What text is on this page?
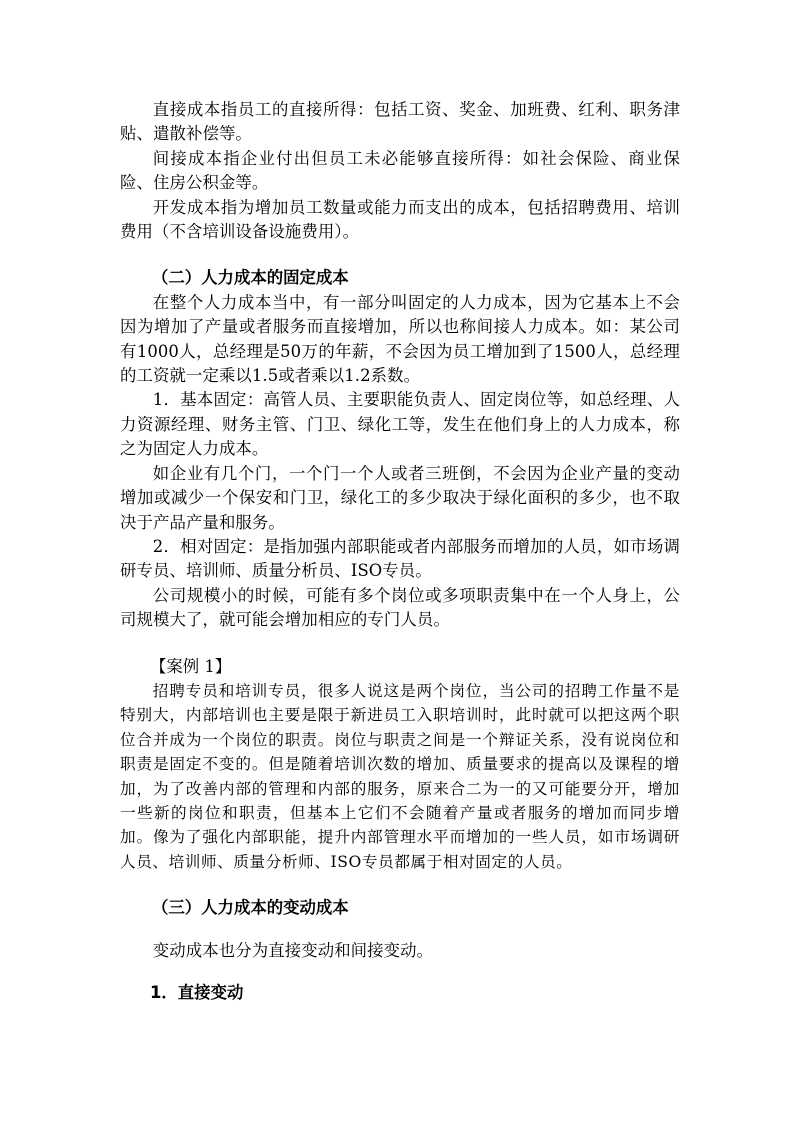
直接成本指员工的直接所得：包括工资、奖金、加班费、红利、职务津贴、遣散补偿等。

间接成本指企业付出但员工未必能够直接所得：如社会保险、商业保险、住房公积金等。

开发成本指为增加员工数量或能力而支出的成本，包括招聘费用、培训费用（不含培训设备设施费用）。

（二）人力成本的固定成本

在整个人力成本当中，有一部分叫固定的人力成本，因为它基本上不会因为增加了产量或者服务而直接增加，所以也称间接人力成本。如：某公司有1000人，总经理是50万的年薪，不会因为员工增加到了1500人，总经理的工资就一定乘以1.5或者乘以1.2系数。

1．基本固定：高管人员、主要职能负责人、固定岗位等，如总经理、人力资源经理、财务主管、门卫、绿化工等，发生在他们身上的人力成本，称之为固定人力成本。

如企业有几个门，一个门一个人或者三班倒，不会因为企业产量的变动增加或减少一个保安和门卫，绿化工的多少取决于绿化面积的多少，也不取决于产品产量和服务。

2．相对固定：是指加强内部职能或者内部服务而增加的人员，如市场调研专员、培训师、质量分析员、ISO专员。

公司规模小的时候，可能有多个岗位或多项职责集中在一个人身上，公司规模大了，就可能会增加相应的专门人员。

【案例 1】

招聘专员和培训专员，很多人说这是两个岗位，当公司的招聘工作量不是特别大，内部培训也主要是限于新进员工入职培训时，此时就可以把这两个职位合并成为一个岗位的职责。岗位与职责之间是一个辩证关系，没有说岗位和职责是固定不变的。但是随着培训次数的增加、质量要求的提高以及课程的增加，为了改善内部的管理和内部的服务，原来合二为一的又可能要分开，增加一些新的岗位和职责，但基本上它们不会随着产量或者服务的增加而同步增加。像为了强化内部职能，提升内部管理水平而增加的一些人员，如市场调研人员、培训师、质量分析师、ISO专员都属于相对固定的人员。

（三）人力成本的变动成本

变动成本也分为直接变动和间接变动。

1．直接变动
